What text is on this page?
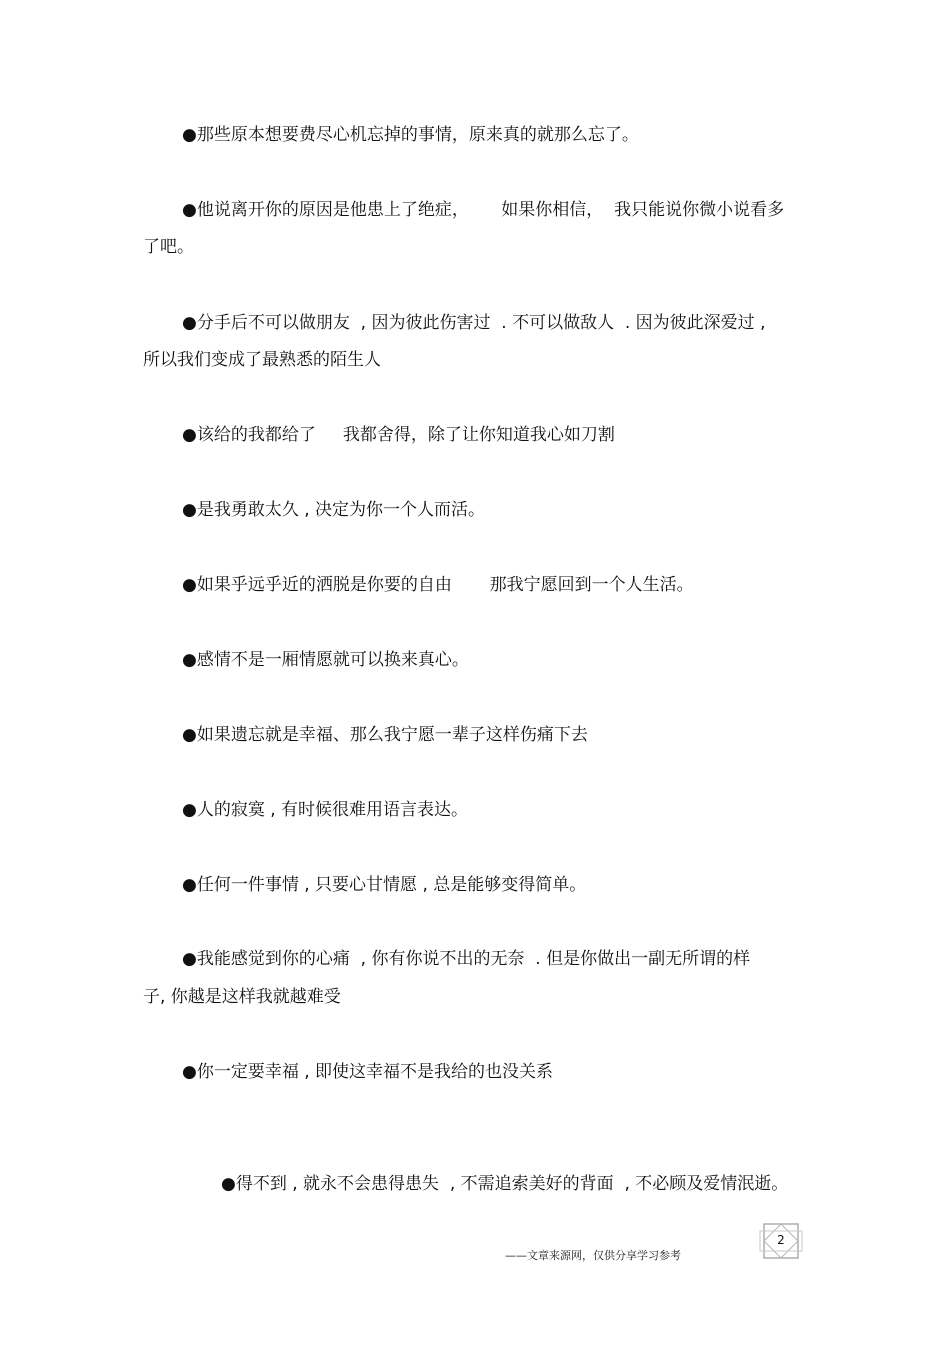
●那些原本想要费尽心机忘掉的事情，原来真的就那么忘了。

●他说离开你的原因是他患上了绝症，      如果你相信，  我只能说你微小说看多

了吧。

●分手后不可以做朋友  , 因为彼此伤害过  . 不可以做敌人  . 因为彼此深爱过 ,

所以我们变成了最熟悉的陌生人

●该给的我都给了     我都舍得，除了让你知道我心如刀割

●是我勇敢太久 , 决定为你一个人而活。

●如果乎远乎近的洒脱是你要的自由       那我宁愿回到一个人生活。

●感情不是一厢情愿就可以换来真心。

●如果遗忘就是幸福、那么我宁愿一辈子这样伤痛下去

●人的寂寞 , 有时候很难用语言表达。

●任何一件事情 , 只要心甘情愿 , 总是能够变得简单。

●我能感觉到你的心痛  , 你有你说不出的无奈  . 但是你做出一副无所谓的样

子, 你越是这样我就越难受

●你一定要幸福 , 即使这幸福不是我给的也没关系

●得不到 , 就永不会患得患失  , 不需追索美好的背面  , 不必顾及爱情泯逝。

2
——文章来源网，仅供分享学习参考
